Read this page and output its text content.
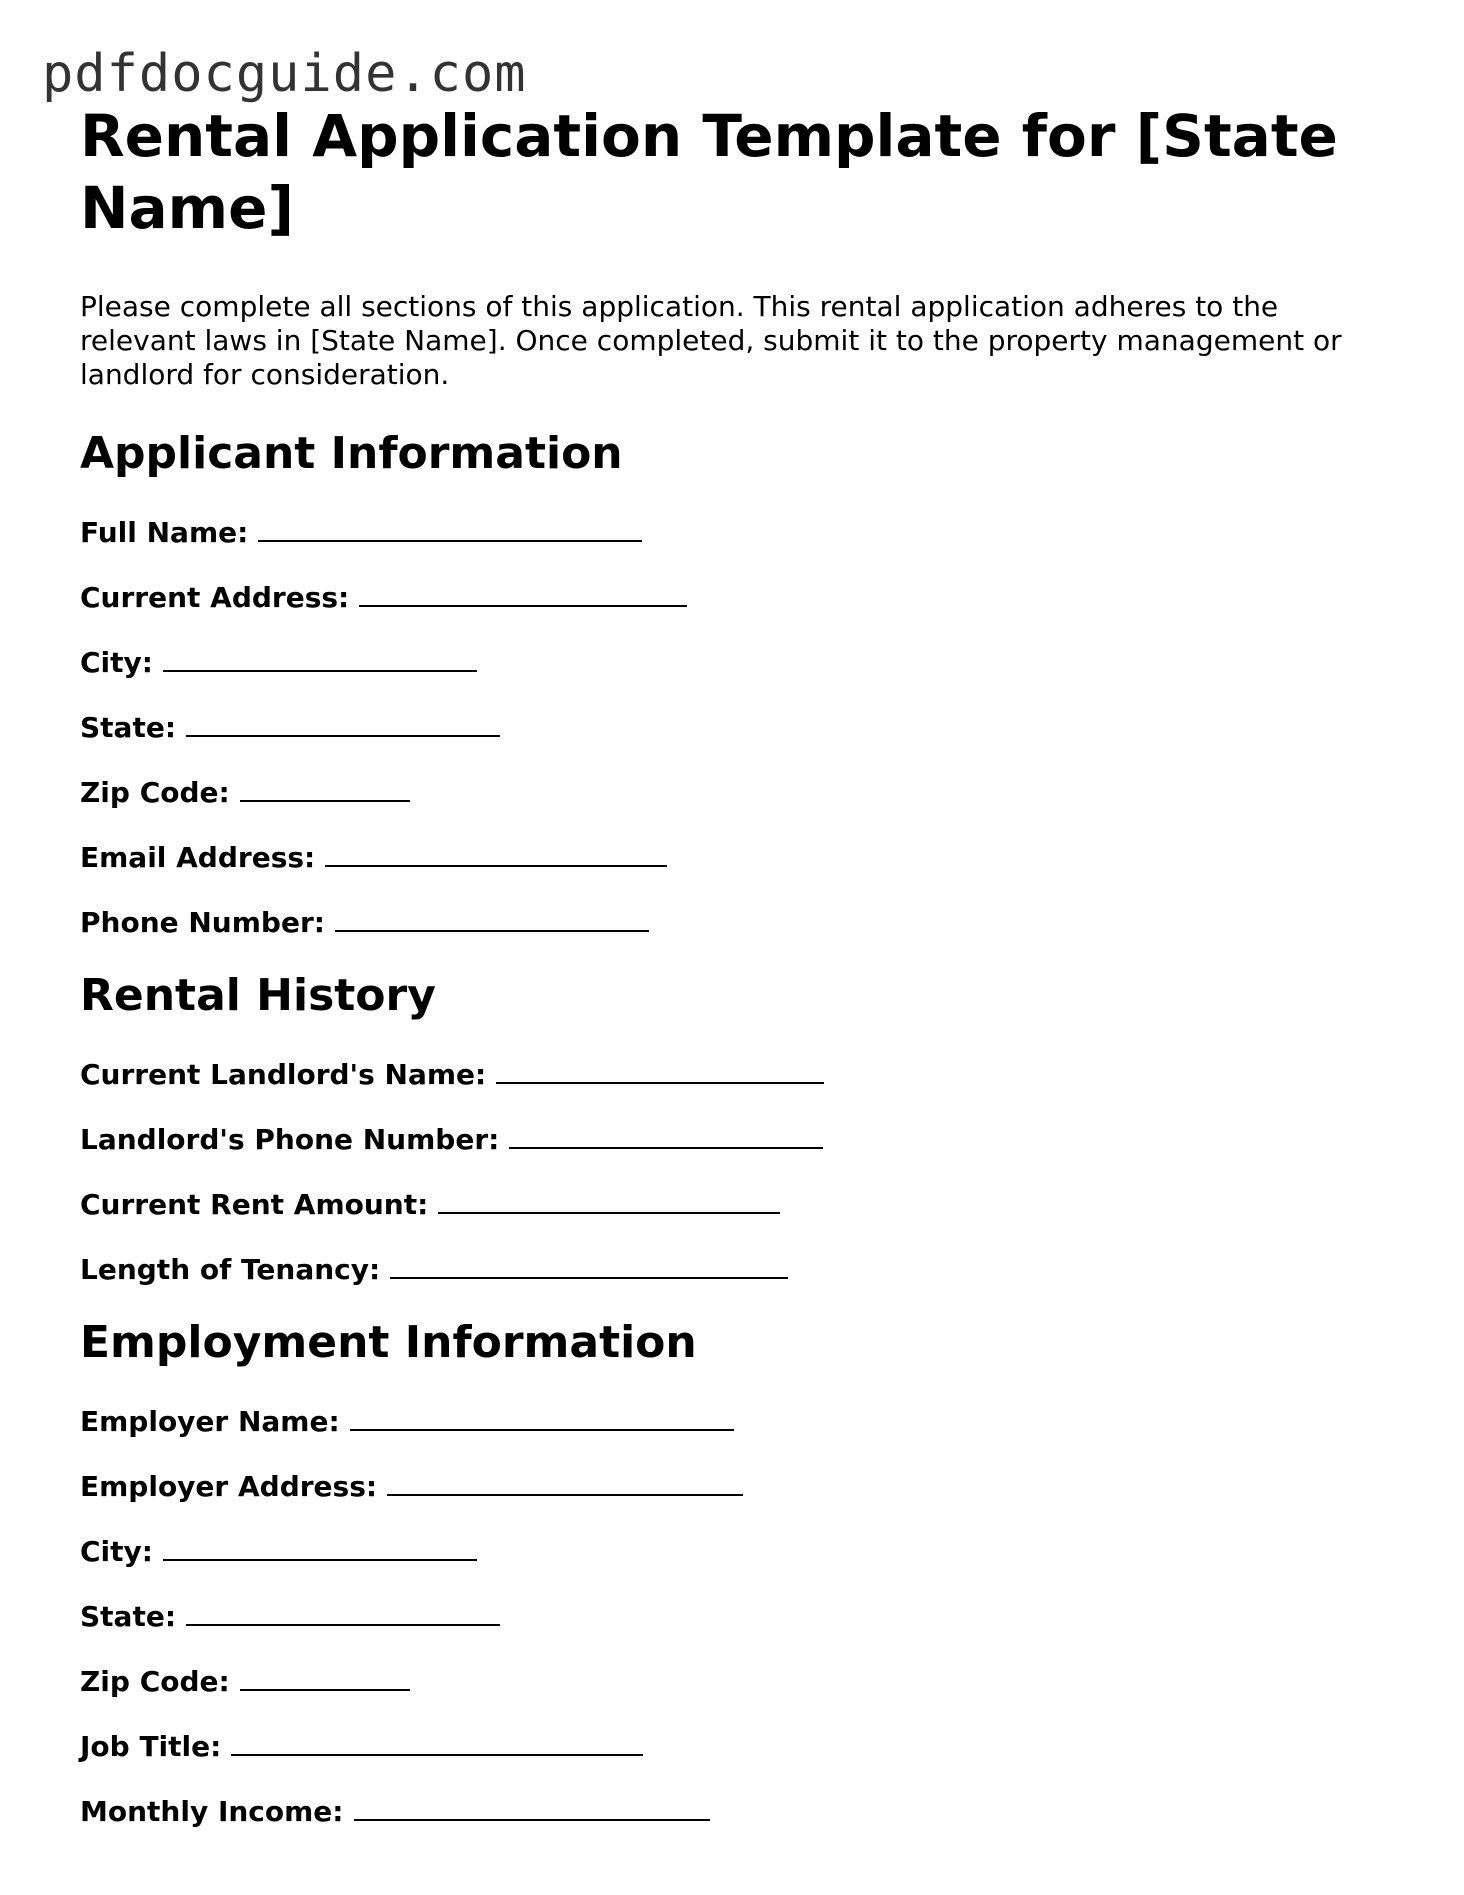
pdfdocguide.com
Rental Application Template for [State Name]

Please complete all sections of this application. This rental application adheres to the relevant laws in [State Name]. Once completed, submit it to the property management or landlord for consideration.

Applicant Information
Full Name:
Current Address:
City:
State:
Zip Code:
Email Address:
Phone Number:
Rental History
Current Landlord's Name:
Landlord's Phone Number:
Current Rent Amount:
Length of Tenancy:
Employment Information
Employer Name:
Employer Address:
City:
State:
Zip Code:
Job Title:
Monthly Income:
